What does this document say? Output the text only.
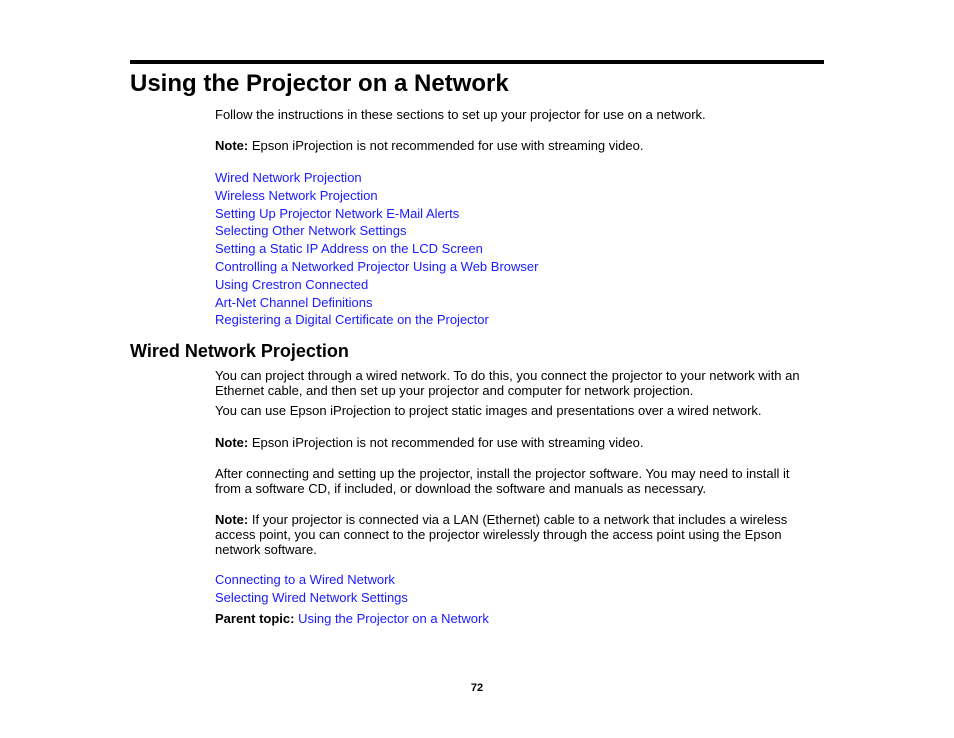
Using the Projector on a Network

Follow the instructions in these sections to set up your projector for use on a network.

Note: Epson iProjection is not recommended for use with streaming video.

Wired Network Projection
Wireless Network Projection
Setting Up Projector Network E-Mail Alerts
Selecting Other Network Settings
Setting a Static IP Address on the LCD Screen
Controlling a Networked Projector Using a Web Browser
Using Crestron Connected
Art-Net Channel Definitions
Registering a Digital Certificate on the Projector
Wired Network Projection

You can project through a wired network. To do this, you connect the projector to your network with an Ethernet cable, and then set up your projector and computer for network projection.

You can use Epson iProjection to project static images and presentations over a wired network.

Note: Epson iProjection is not recommended for use with streaming video.

After connecting and setting up the projector, install the projector software. You may need to install it from a software CD, if included, or download the software and manuals as necessary.

Note: If your projector is connected via a LAN (Ethernet) cable to a network that includes a wireless access point, you can connect to the projector wirelessly through the access point using the Epson network software.

Connecting to a Wired Network
Selecting Wired Network Settings

Parent topic: Using the Projector on a Network

72
